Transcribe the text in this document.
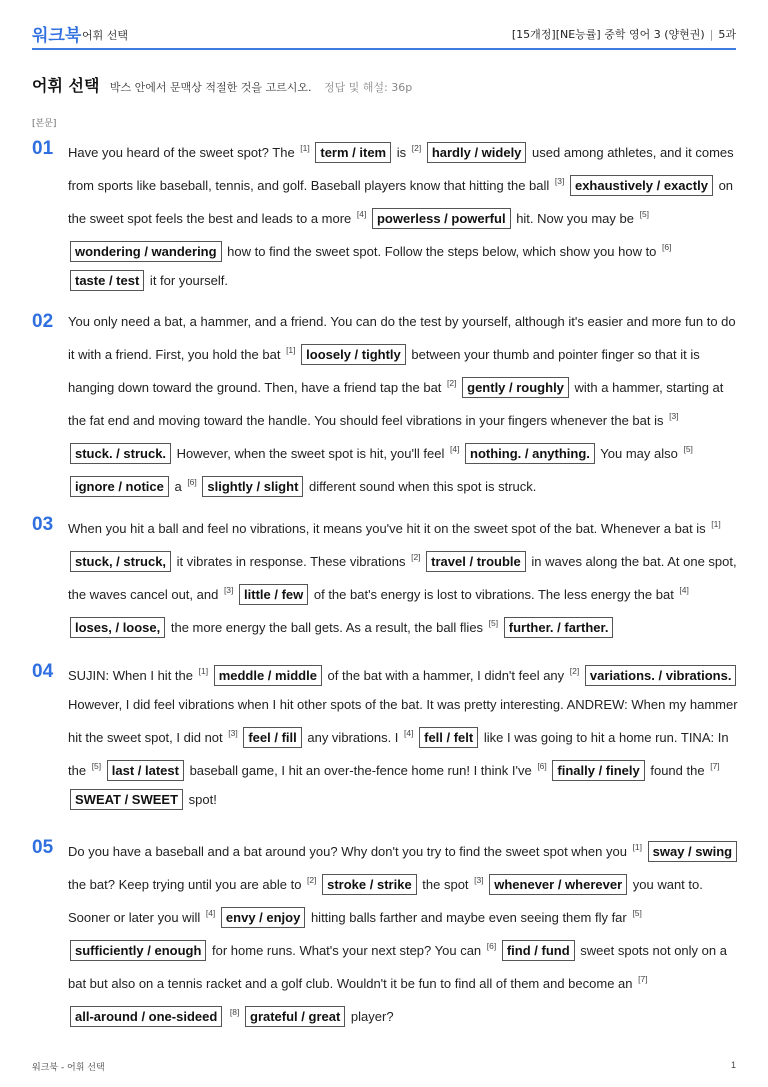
워크북 어휘 선택	[15개정][NE능률] 중학 영어 3 (양현권) | 5과
어휘 선택 박스 안에서 문맥상 적절한 것을 고르시오. 정답 및 해설: 36p
[본문]
01 Have you heard of the sweet spot? The [1] term / item is [2] hardly / widely used among athletes, and it comes from sports like baseball, tennis, and golf. Baseball players know that hitting the ball [3] exhaustively / exactly on the sweet spot feels the best and leads to a more [4] powerless / powerful hit. Now you may be [5] wondering / wandering how to find the sweet spot. Follow the steps below, which show you how to [6] taste / test it for yourself.
02 You only need a bat, a hammer, and a friend. You can do the test by yourself, although it's easier and more fun to do it with a friend. First, you hold the bat [1] loosely / tightly between your thumb and pointer finger so that it is hanging down toward the ground. Then, have a friend tap the bat [2] gently / roughly with a hammer, starting at the fat end and moving toward the handle. You should feel vibrations in your fingers whenever the bat is [3] stuck. / struck. However, when the sweet spot is hit, you'll feel [4] nothing. / anything. You may also [5] ignore / notice a [6] slightly / slight different sound when this spot is struck.
03 When you hit a ball and feel no vibrations, it means you've hit it on the sweet spot of the bat. Whenever a bat is [1] stuck, / struck, it vibrates in response. These vibrations [2] travel / trouble in waves along the bat. At one spot, the waves cancel out, and [3] little / few of the bat's energy is lost to vibrations. The less energy the bat [4] loses, / loose, the more energy the ball gets. As a result, the ball flies [5] further. / farther.
04 SUJIN: When I hit the [1] meddle / middle of the bat with a hammer, I didn't feel any [2] variations. / vibrations. However, I did feel vibrations when I hit other spots of the bat. It was pretty interesting. ANDREW: When my hammer hit the sweet spot, I did not [3] feel / fill any vibrations. I [4] fell / felt like I was going to hit a home run. TINA: In the [5] last / latest baseball game, I hit an over-the-fence home run! I think I've [6] finally / finely found the [7] SWEAT / SWEET spot!
05 Do you have a baseball and a bat around you? Why don't you try to find the sweet spot when you [1] sway / swing the bat? Keep trying until you are able to [2] stroke / strike the spot [3] whenever / wherever you want to. Sooner or later you will [4] envy / enjoy hitting balls farther and maybe even seeing them fly far [5] sufficiently / enough for home runs. What's your next step? You can [6] find / fund sweet spots not only on a bat but also on a tennis racket and a golf club. Wouldn't it be fun to find all of them and become an [7] all-around / one-sideed [8] grateful / great player?
워크북 - 어휘 선택	1
